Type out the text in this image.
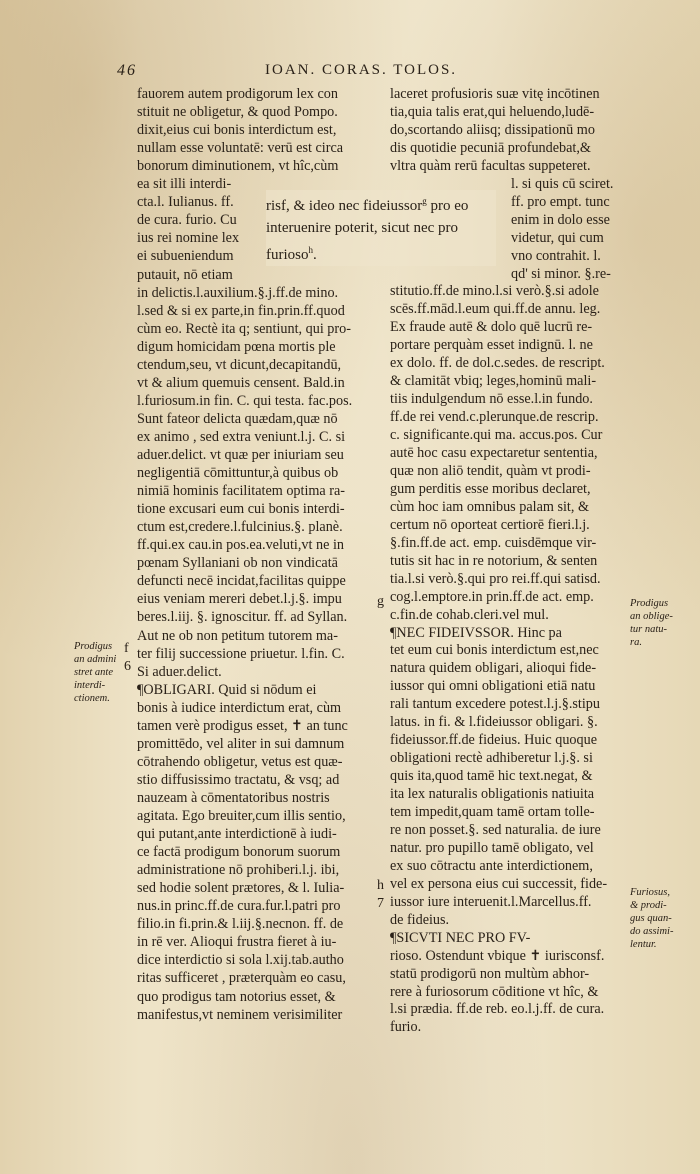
46	IOAN. CORAS. TOLOS.
fauorem autem prodigorum lex con
stituit ne obligetur, & quod Pompo.
dixit,eius cui bonis interdictum est,
nullam esse voluntatē: verū est circa
bonorum diminutionem, vt hîc,cùm
ea sit illi interdi-
cta.l. Iulianus. ff.
de cura. furio. Cu
ius rei nomine lex
ei subueniendum
putauit, nō etiam
in delictis.l.auxilium.§.j.ff.de mino.
l.sed & si ex parte,in fin.prin.ff.quod
cùm eo. Rectè ita q; sentiunt, qui pro-
digum homicidam pœna mortis ple
ctendum,seu, vt dicunt,decapitandū,
vt & alium quemuis censent. Bald.in
l.furiosum.in fin. C. qui testa. fac.pos.
Sunt fateor delicta quædam,quæ nō
ex animo , sed extra veniunt.l.j. C. si
aduer.delict. vt quæ per iniuriam seu
negligentiā cōmittuntur,à quibus ob
nimiā hominis facilitatem optima ra-
tione excusari eum cui bonis interdi-
ctum est,credere.l.fulcinius.§. planè.
ff.qui.ex cau.in pos.ea.veluti,vt ne in
pœnam Syllaniani ob non vindicatā
defuncti necē incidat,facilitas quippe
eius veniam mereri debet.l.j.§. impu
beres.l.iij. §. ignoscitur. ff. ad Syllan.
Aut ne ob non petitum tutorem ma-
ter filij successione priuetur. l.fin. C.
Si aduer.delict.
¶OBLIGARI. Quid si nōdum ei
bonis à iudice interdictum erat, cùm
tamen verè prodigus esset, ✝ an tunc
promittēdo, vel aliter in sui damnum
cōtrahendo obligetur, vetus est quæ-
stio diffusissimo tractatu, & vsq; ad
nauzeam à cōmentatoribus nostris
agitata. Ego breuiter,cum illis sentio,
qui putant,ante interdictionē à iudi-
ce factā prodigum bonorum suorum
administratione nō prohiberi.l.j. ibi,
sed hodie solent prætores, & l. Iulia-
nus.in princ.ff.de cura.fur.l.patri pro
filio.in fi.prin.& l.iij.§.necnon. ff. de
in rē ver. Alioqui frustra fieret à iu-
dice interdictio si sola l.xij.tab.autho
ritas sufficeret , præterquàm eo casu,
quo prodigus tam notorius esset, &
manifestus,vt neminem verisimiliter
laceret profusioris suæ vitę incōtinen
tia,quia talis erat,qui heluendo,ludē-
do,scortando aliisq; dissipationū mo
dis quotidie pecuniā profundebat,&
vltra quàm rerū facultas suppeteret.
l. si quis cū sciret.
ff. pro empt. tunc
enim in dolo esse
videtur, qui cum
vno contrahit. l.
qd' si minor. §.re-
stitutio.ff.de mino.l.si verò.§.si adole
scēs.ff.mād.l.eum qui.ff.de annu. leg.
Ex fraude autē & dolo quē lucrū re-
portare perquàm esset indignū. l. ne
ex dolo. ff. de dol.c.sedes. de rescript.
& clamitāt vbiq; leges,hominū mali-
tiis indulgendum nō esse.l.in fundo.
ff.de rei vend.c.plerunque.de rescrip.
c. significante.qui ma. accus.pos. Cur
autē hoc casu expectaretur sententia,
quæ non aliō tendit, quàm vt prodi-
gum perditis esse moribus declaret,
cùm hoc iam omnibus palam sit, &
certum nō oporteat certiorē fieri.l.j.
§.fin.ff.de act. emp. cuisdēmque vir-
tutis sit hac in re notorium, & senten
tia.l.si verò.§.qui pro rei.ff.qui satisd.
cog.l.emptore.in prin.ff.de act. emp.
c.fin.de cohab.cleri.vel mul.
¶NEC FIDEIVSSOR. Hinc pa
tet eum cui bonis interdictum est,nec
natura quidem obligari, alioqui fide-
iussor qui omni obligationi etiā natu
rali tantum excedere potest.l.j.§.stipu
latus. in fi. & l.fideiussor obligari. §.
fideiussor.ff.de fideius. Huic quoque
obligationi rectè adhiberetur l.j.§. si
quis ita,quod tamē hic text.negat, &
ita lex naturalis obligationis natiuita
tem impedit,quam tamē ortam tolle-
re non posset.§. sed naturalia. de iure
natur. pro pupillo tamē obligato, vel
ex suo cōtractu ante interdictionem,
vel ex persona eius cui successit, fide-
iussor iure interuenit.l.Marcellus.ff.
de fideius.
¶SICVTI NEC PRO FV-
rioso. Ostendunt vbique ✝ iurisconsf.
statū prodigorū non multùm abhor-
rere à furiosorum cōditione vt hîc, &
l.si prædia. ff.de reb. eo.l.j.ff. de cura.
furio.
risf, & ideo nec fideiussor$^g$ pro eo
interuenire poterit, sicut nec pro
furioso$^h$.
Prodigus
an admini
stret ante
interdi-
ctionem.
Prodigus
an oblige-
tur natu-
ra.
Furiosus,
& prodi-
gus quan-
do assimi-
lentur.
f
6
g
h
7
